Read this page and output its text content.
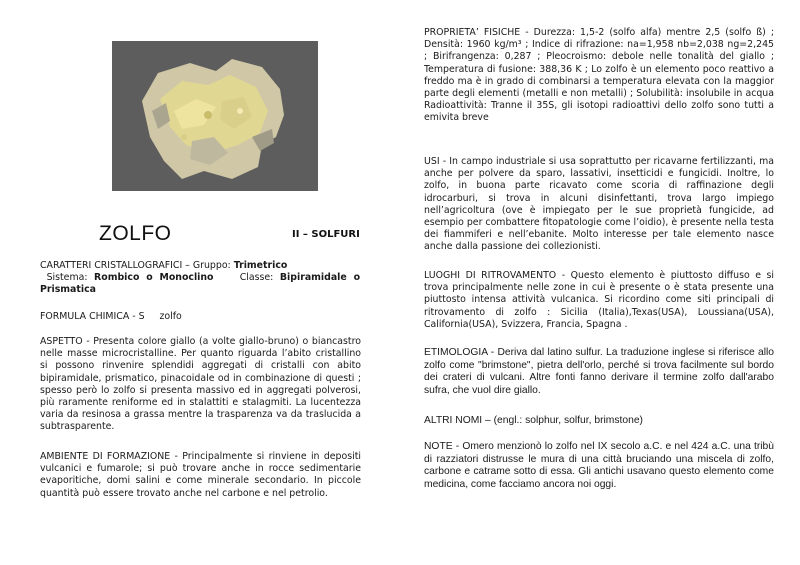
ZOLFO	II – SOLFURI
CARATTERI CRISTALLOGRAFICI – Gruppo: Trimetrico
Sistema: Rombico o Monoclino	Classe: Bipiramidale o Prismatica
FORMULA CHIMICA - S zolfo
ASPETTO - Presenta colore giallo (a volte giallo-bruno) o biancastro nelle masse microcristalline. Per quanto riguarda l’abito cristallino si possono rinvenire splendidi aggregati di cristalli con abito bipiramidale, prismatico, pinacoidale od in combinazione di questi ; spesso però lo zolfo si presenta massivo ed in aggregati polverosi, più raramente reniforme ed in stalattiti e stalagmiti. La lucentezza varia da resinosa a grassa mentre la trasparenza va da traslucida a subtrasparente.
AMBIENTE DI FORMAZIONE - Principalmente si rinviene in depositi vulcanici e fumarole; si può trovare anche in rocce sedimentarie evaporitiche, domi salini e come minerale secondario. In piccole quantità può essere trovato anche nel carbone e nel petrolio.
PROPRIETA’ FISICHE - Durezza: 1,5-2 (solfo alfa) mentre 2,5 (solfo ß) ; Densità: 1960 kg/m³ ; Indice di rifrazione: na=1,958 nb=2,038 ng=2,245 ; Birifrangenza: 0,287 ; Pleocroismo: debole nelle tonalità del giallo ; Temperatura di fusione: 388,36 K ; Lo zolfo è un elemento poco reattivo a freddo ma è in grado di combinarsi a temperatura elevata con la maggior parte degli elementi (metalli e non metalli) ; Solubilità: insolubile in acqua Radioattività: Tranne il 35S, gli isotopi radioattivi dello zolfo sono tutti a emivita breve
USI - In campo industriale si usa soprattutto per ricavarne fertilizzanti, ma anche per polvere da sparo, lassativi, insetticidi e fungicidi. Inoltre, lo zolfo, in buona parte ricavato come scoria di raffinazione degli idrocarburi, si trova in alcuni disinfettanti, trova largo impiego nell’agricoltura (ove è impiegato per le sue proprietà fungicide, ad esempio per combattere fitopatologie come l’oidio), è presente nella testa dei fiammiferi e nell’ebanite. Molto interesse per tale elemento nasce anche dalla passione dei collezionisti.
LUOGHI DI RITROVAMENTO - Questo elemento è piuttosto diffuso e si trova principalmente nelle zone in cui è presente o è stata presente una piuttosto intensa attività vulcanica. Si ricordino come siti principali di ritrovamento di zolfo : Sicilia (Italia),Texas(USA), Loussiana(USA), California(USA), Svizzera, Francia, Spagna .
ETIMOLOGIA - Deriva dal latino sulfur. La traduzione inglese si riferisce allo zolfo come "brimstone", pietra dell'orlo, perché si trova facilmente sul bordo dei crateri di vulcani. Altre fonti fanno derivare il termine zolfo dall'arabo sufra, che vuol dire giallo.
ALTRI NOMI – (engl.: solphur, solfur, brimstone)
NOTE - Omero menzionò lo zolfo nel IX secolo a.C. e nel 424 a.C. una tribù di razziatori distrusse le mura di una città bruciando una miscela di zolfo, carbone e catrame sotto di essa. Gli antichi usavano questo elemento come medicina, come facciamo ancora noi oggi.
